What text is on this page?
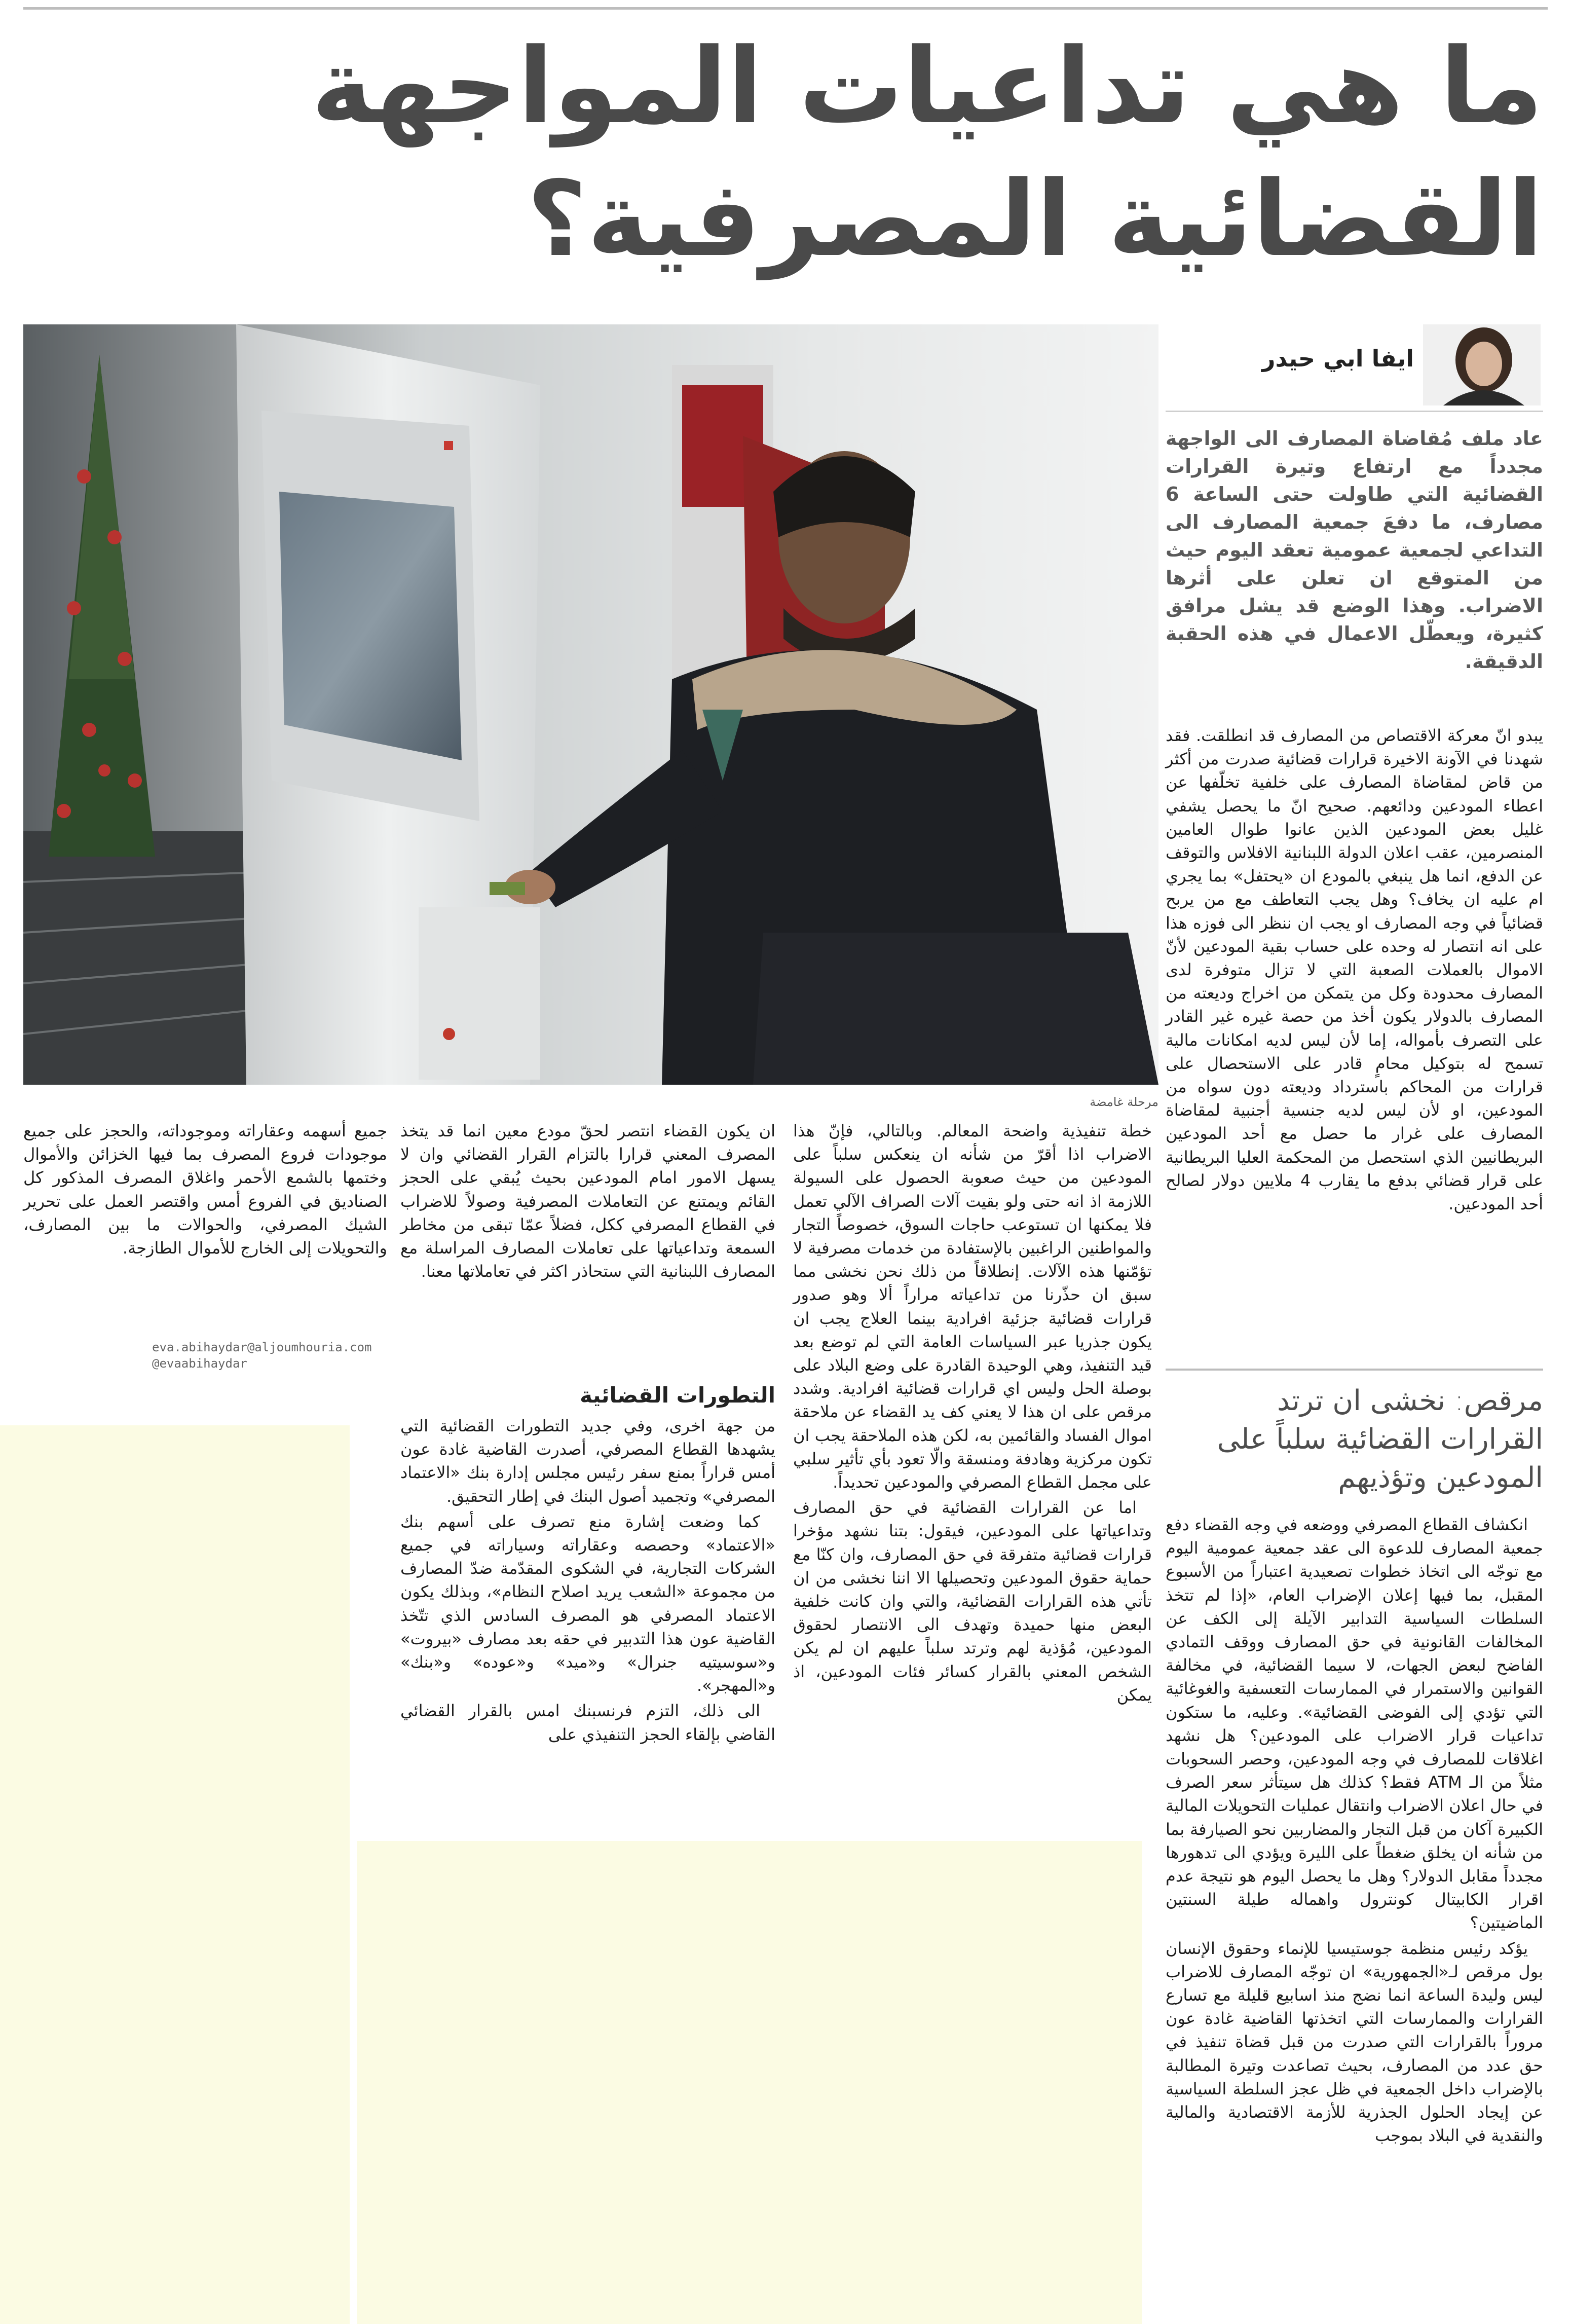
ما هي تداعيات المواجهة القضائية المصرفية؟
مرحلة غامضة
ايفا ابي حيدر

عاد ملف مُقاضاة المصارف الى الواجهة مجدداً مع ارتفاع وتيرة القرارات القضائية التي طاولت حتى الساعة 6 مصارف، ما دفعَ جمعية المصارف الى التداعي لجمعية عمومية تعقد اليوم حيث من المتوقع ان تعلن على أثرها الاضراب. وهذا الوضع قد يشل مرافق كثيرة، ويعطّل الاعمال في هذه الحقبة الدقيقة.

يبدو انّ معركة الاقتصاص من المصارف قد انطلقت. فقد شهدنا في الآونة الاخيرة قرارات قضائية صدرت من أكثر من قاض لمقاضاة المصارف على خلفية تخلّفها عن اعطاء المودعين ودائعهم. صحيح انّ ما يحصل يشفي غليل بعض المودعين الذين عانوا طوال العامين المنصرمين، عقب اعلان الدولة اللبنانية الافلاس والتوقف عن الدفع، انما هل ينبغي بالمودع ان «يحتفل» بما يجري ام عليه ان يخاف؟ وهل يجب التعاطف مع من يربح قضائياً في وجه المصارف او يجب ان ننظر الى فوزه هذا على انه انتصار له وحده على حساب بقية المودعين لأنّ الاموال بالعملات الصعبة التي لا تزال متوفرة لدى المصارف محدودة وكل من يتمكن من اخراج وديعته من المصارف بالدولار يكون أخذ من حصة غيره غير القادر على التصرف بأمواله، إما لأن ليس لديه امكانات مالية تسمح له بتوكيل محامٍ قادر على الاستحصال على قرارات من المحاكم باسترداد وديعته دون سواه من المودعين، او لأن ليس لديه جنسية أجنبية لمقاضاة المصارف على غرار ما حصل مع أحد المودعين البريطانيين الذي استحصل من المحكمة العليا البريطانية على قرار قضائي بدفع ما يقارب 4 ملايين دولار لصالح أحد المودعين.

مرقص: نخشى ان ترتد القرارات القضائية سلباً على المودعين وتؤذيهم

انكشاف القطاع المصرفي ووضعه في وجه القضاء دفع جمعية المصارف للدعوة الى عقد جمعية عمومية اليوم مع توجّه الى اتخاذ خطوات تصعيدية اعتباراً من الأسبوع المقبل، بما فيها إعلان الإضراب العام، «إذا لم تتخذ السلطات السياسية التدابير الآيلة إلى الكف عن المخالفات القانونية في حق المصارف ووقف التمادي الفاضح لبعض الجهات، لا سيما القضائية، في مخالفة القوانين والاستمرار في الممارسات التعسفية والغوغائية التي تؤدي إلى الفوضى القضائية». وعليه، ما ستكون تداعيات قرار الاضراب على المودعين؟ هل نشهد اغلاقات للمصارف في وجه المودعين، وحصر السحوبات مثلاً من الـ ATM فقط؟ كذلك هل سيتأثر سعر الصرف في حال اعلان الاضراب وانتقال عمليات التحويلات المالية الكبيرة آكان من قبل التجار والمضاربين نحو الصيارفة بما من شأنه ان يخلق ضغطاً على الليرة ويؤدي الى تدهورها مجدداً مقابل الدولار؟ وهل ما يحصل اليوم هو نتيجة عدم اقرار الكابيتال كونترول واهماله طيلة السنتين الماضيتين؟

يؤكد رئيس منظمة جوستيسيا للإنماء وحقوق الإنسان بول مرقص لـ«الجمهورية» ان توجّه المصارف للاضراب ليس وليدة الساعة انما نضج منذ اسابيع قليلة مع تسارع القرارات والممارسات التي اتخذتها القاضية غادة عون مروراً بالقرارات التي صدرت من قبل قضاة تنفيذ في حق عدد من المصارف، بحيث تصاعدت وتيرة المطالبة بالإضراب داخل الجمعية في ظل عجز السلطة السياسية عن إيجاد الحلول الجذرية للأزمة الاقتصادية والمالية والنقدية في البلاد بموجب

خطة تنفيذية واضحة المعالم. وبالتالي، فإنّ هذا الاضراب اذا أقرّ من شأنه ان ينعكس سلباً على المودعين من حيث صعوبة الحصول على السيولة اللازمة اذ انه حتى ولو بقيت آلات الصراف الآلي تعمل فلا يمكنها ان تستوعب حاجات السوق، خصوصاً التجار والمواطنين الراغبين بالإستفادة من خدمات مصرفية لا تؤمّنها هذه الآلات. إنطلاقاً من ذلك نحن نخشى مما سبق ان حذّرنا من تداعياته مراراً ألا وهو صدور قرارات قضائية جزئية افرادية بينما العلاج يجب ان يكون جذريا عبر السياسات العامة التي لم توضع بعد قيد التنفيذ، وهي الوحيدة القادرة على وضع البلاد على بوصلة الحل وليس اي قرارات قضائية افرادية. وشدد مرقص على ان هذا لا يعني كف يد القضاء عن ملاحقة اموال الفساد والقائمين به، لكن هذه الملاحقة يجب ان تكون مركزية وهادفة ومنسقة والّا تعود بأي تأثير سلبي على مجمل القطاع المصرفي والمودعين تحديداً.

اما عن القرارات القضائية في حق المصارف وتداعياتها على المودعين، فيقول: بتنا نشهد مؤخرا قرارات قضائية متفرقة في حق المصارف، وان كنّا مع حماية حقوق المودعين وتحصيلها الا اننا نخشى من ان تأتي هذه القرارات القضائية، والتي وان كانت خلفية البعض منها حميدة وتهدف الى الانتصار لحقوق المودعين، مُؤذية لهم وترتد سلباً عليهم ان لم يكن الشخص المعني بالقرار كسائر فئات المودعين، اذ يمكن

ان يكون القضاء انتصر لحقّ مودع معين انما قد يتخذ المصرف المعني قرارا بالتزام القرار القضائي وان لا يسهل الامور امام المودعين بحيث يُبقي على الحجز القائم ويمتنع عن التعاملات المصرفية وصولاً للاضراب في القطاع المصرفي ككل، فضلاً عمّا تبقى من مخاطر السمعة وتداعياتها على تعاملات المصارف المراسلة مع المصارف اللبنانية التي ستحاذر اكثر في تعاملاتها معنا.

التطورات القضائية

من جهة اخرى، وفي جديد التطورات القضائية التي يشهدها القطاع المصرفي، أصدرت القاضية غادة عون أمس قراراً بمنع سفر رئيس مجلس إدارة بنك «الاعتماد المصرفي» وتجميد أصول البنك في إطار التحقيق.

كما وضعت إشارة منع تصرف على أسهم بنك «الاعتماد» وحصصه وعقاراته وسياراته في جميع الشركات التجارية، في الشكوى المقدّمة ضدّ المصارف من مجموعة «الشعب يريد اصلاح النظام»، وبذلك يكون الاعتماد المصرفي هو المصرف السادس الذي تتّخذ القاضية عون هذا التدبير في حقه بعد مصارف «بيروت» و«سوسيتيه جنرال» و«ميد» و«عوده» و«بنك» و«المهجر».

الى ذلك، التزم فرنسبنك امس بالقرار القضائي القاضي بإلقاء الحجز التنفيذي على

جميع أسهمه وعقاراته وموجوداته، والحجز على جميع موجودات فروع المصرف بما فيها الخزائن والأموال وختمها بالشمع الأحمر واغلاق المصرف المذكور كل الصناديق في الفروع أمس واقتصر العمل على تحرير الشيك المصرفي، والحوالات ما بين المصارف، والتحويلات إلى الخارج للأموال الطازجة.

eva.abihaydar@aljoumhouria.com
@evaabihaydar
